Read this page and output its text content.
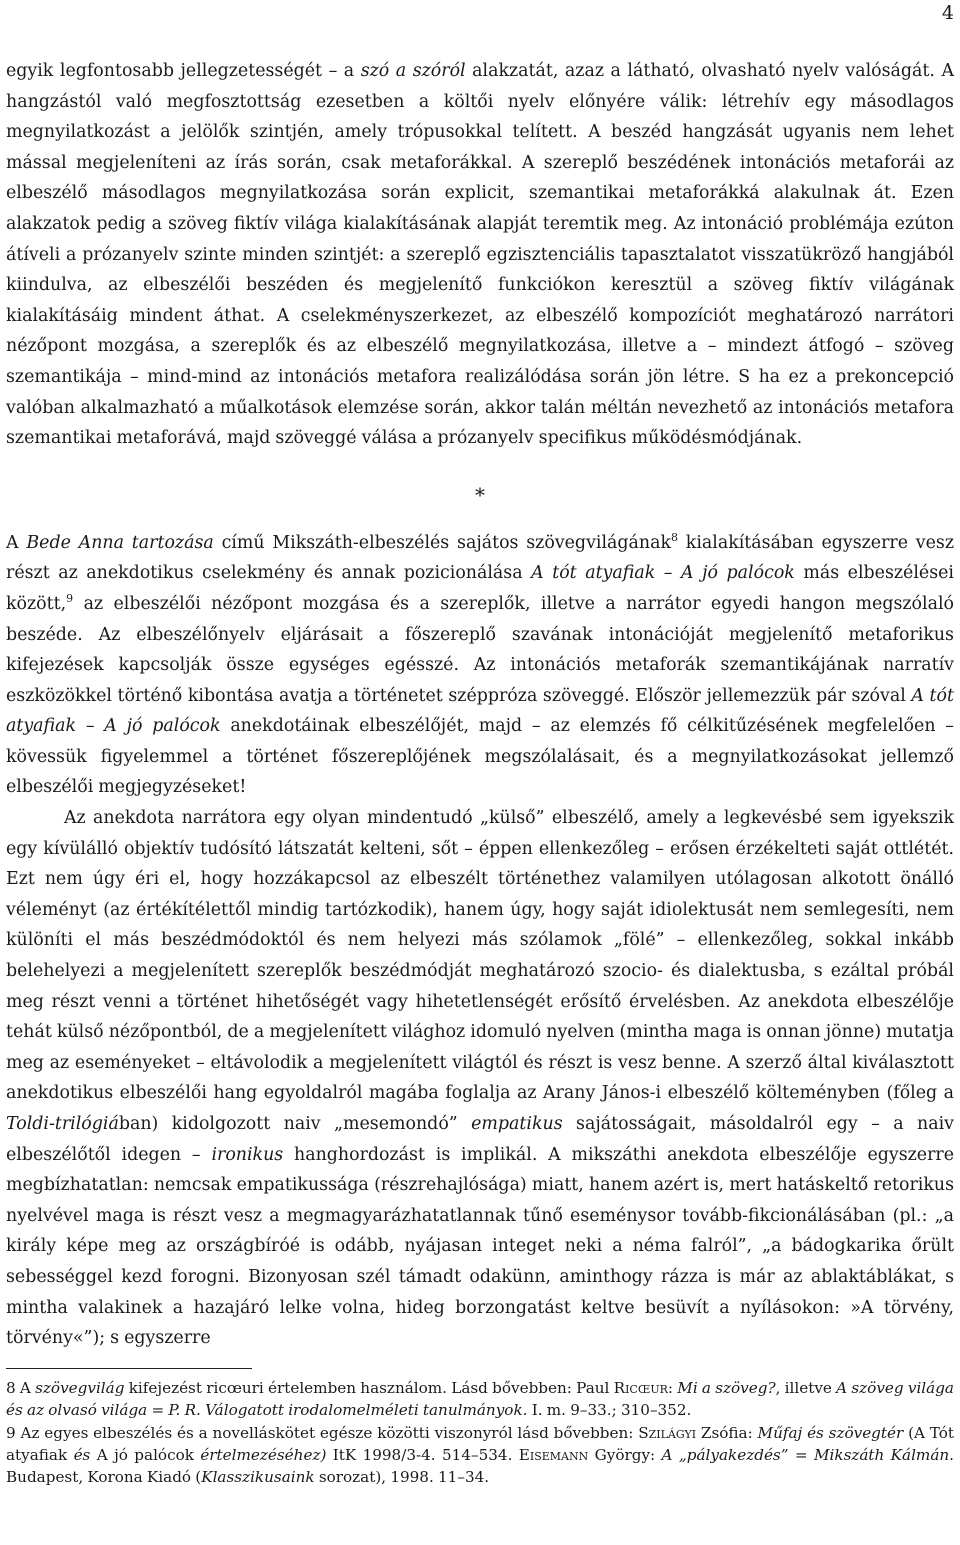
4

egyik legfontosabb jellegzetességét – a szó a szóról alakzatát, azaz a látható, olvasható nyelv valóságát. A hangzástól való megfosztottság ezesetben a költői nyelv előnyére válik: létrehív egy másodlagos megnyilatkozást a jelölők szintjén, amely trópusokkal telített. A beszéd hangzását ugyanis nem lehet mással megjeleníteni az írás során, csak metaforákkal. A szereplő beszédének intonációs metaforái az elbeszélő másodlagos megnyilatkozása során explicit, szemantikai metaforákká alakulnak át. Ezen alakzatok pedig a szöveg fiktív világa kialakításának alapját teremtik meg. Az intonáció problémája ezúton átíveli a prózanyelv szinte minden szintjét: a szereplő egzisztenciális tapasztalatot visszatükröző hangjából kiindulva, az elbeszélői beszéden és megjelenítő funkciókon keresztül a szöveg fiktív világának kialakításáig mindent áthat. A cselekményszerkezet, az elbeszélő kompozíciót meghatározó narrátori nézőpont mozgása, a szereplők és az elbeszélő megnyilatkozása, illetve a – mindezt átfogó – szöveg szemantikája – mind-mind az intonációs metafora realizálódása során jön létre. S ha ez a prekoncepció valóban alkalmazható a műalkotások elemzése során, akkor talán méltán nevezhető az intonációs metafora szemantikai metaforává, majd szöveggé válása a prózanyelv specifikus működésmódjának.

*

A Bede Anna tartozása című Mikszáth-elbeszélés sajátos szövegvilágának$^8$ kialakításában egyszerre vesz részt az anekdotikus cselekmény és annak pozicionálása A tót atyafiak – A jó palócok más elbeszélései között,$^9$ az elbeszélői nézőpont mozgása és a szereplők, illetve a narrátor egyedi hangon megszólaló beszéde. Az elbeszélőnyelv eljárásait a főszereplő szavának intonációját megjelenítő metaforikus kifejezések kapcsolják össze egységes egésszé. Az intonációs metaforák szemantikájának narratív eszközökkel történő kibontása avatja a történetet széppróza szöveggé. Először jellemezzük pár szóval A tót atyafiak – A jó palócok anekdotáinak elbeszélőjét, majd – az elemzés fő célkitűzésének megfelelően – kövessük figyelemmel a történet főszereplőjének megszólalásait, és a megnyilatkozásokat jellemző elbeszélői megjegyzéseket!

Az anekdota narrátora egy olyan mindentudó „külső” elbeszélő, amely a legkevésbé sem igyekszik egy kívülálló objektív tudósító látszatát kelteni, sőt – éppen ellenkezőleg – erősen érzékelteti saját ottlétét. Ezt nem úgy éri el, hogy hozzákapcsol az elbeszélt történethez valamilyen utólagosan alkotott önálló véleményt (az értékítélettől mindig tartózkodik), hanem úgy, hogy saját idiolektusát nem semlegesíti, nem különíti el más beszédmódoktól és nem helyezi más szólamok „fölé” – ellenkezőleg, sokkal inkább belehelyezi a megjelenített szereplők beszédmódját meghatározó szocio- és dialektusba, s ezáltal próbál meg részt venni a történet hihetőségét vagy hihetetlenségét erősítő érvelésben. Az anekdota elbeszélője tehát külső nézőpontból, de a megjelenített világhoz idomuló nyelven (mintha maga is onnan jönne) mutatja meg az eseményeket – eltávolodik a megjelenített világtól és részt is vesz benne. A szerző által kiválasztott anekdotikus elbeszélői hang egyoldalról magába foglalja az Arany János-i elbeszélő költeményben (főleg a Toldi-trilógiában) kidolgozott naiv „mesemondó” empatikus sajátosságait, másoldalról egy – a naiv elbeszélőtől idegen – ironikus hanghordozást is implikál. A mikszáthi anekdota elbeszélője egyszerre megbízhatatlan: nemcsak empatikussága (részrehajlósága) miatt, hanem azért is, mert hatáskeltő retorikus nyelvével maga is részt vesz a megmagyarázhatatlannak tűnő eseménysor tovább-fikcionálásában (pl.: „a király képe meg az országbíróé is odább, nyájasan integet neki a néma falról”, „a bádogkarika őrült sebességgel kezd forogni. Bizonyosan szél támadt odakünn, aminthogy rázza is már az ablaktáblákat, s mintha valakinek a hazajáró lelke volna, hideg borzongatást keltve besüvít a nyílásokon: »A törvény, törvény«”); s egyszerre

8 A szövegvilág kifejezést ricœuri értelemben használom. Lásd bővebben: Paul Ricœur: Mi a szöveg?, illetve A szöveg világa és az olvasó világa = P. R. Válogatott irodalomelméleti tanulmányok. I. m. 9–33.; 310–352.

9 Az egyes elbeszélés és a novelláskötet egésze közötti viszonyról lásd bővebben: Szilágyi Zsófia: Műfaj és szövegtér (A Tót atyafiak és A jó palócok értelmezéséhez) ItK 1998/3-4. 514–534. Eisemann György: A „pályakezdés” = Mikszáth Kálmán. Budapest, Korona Kiadó (Klasszikusaink sorozat), 1998. 11–34.
